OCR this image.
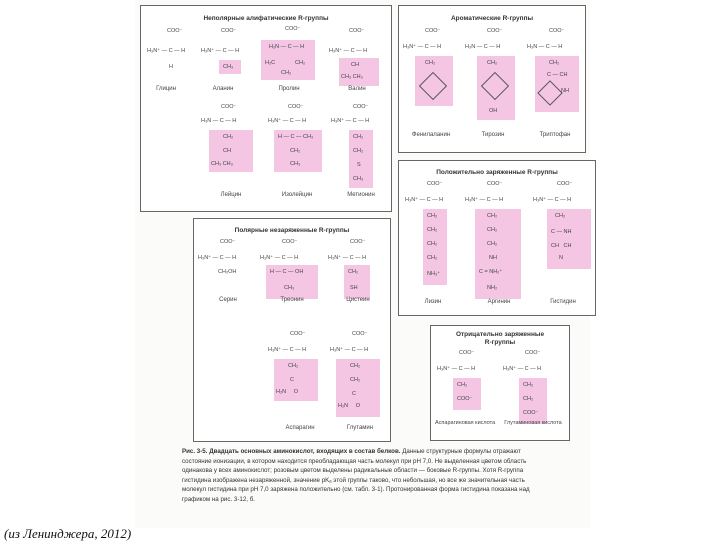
Неполярные алифатические R-группы
COO⁻
H₃N⁺ — C — H
H
COO⁻
H₃N⁺ — C — H
CH₃
COO⁻
H₂N — C — H
H₂C	CH₂
CH₂
COO⁻
H₃N⁺ — C — H
CH
CH₃ CH₃
Глицин	Аланин	Пролин	Валин
COO⁻
H₃N — C — H
CH₂
CH
CH₃ CH₃
COO⁻
H₃N⁺ — C — H
H — C — CH₃
CH₂
CH₃
COO⁻
H₃N⁺ — C — H
CH₂
CH₂
S
CH₃
Лейцин	Изолейцин	Метионин
Ароматические R-группы
COO⁻
H₃N⁺ — C — H
CH₂
COO⁻
H₃N — C — H
CH₂
OH
COO⁻
H₃N — C — H
CH₂
C — CH
NH
Фенилаланин	Тирозин	Триптофан
Положительно заряженные R-группы
COO⁻
H₃N⁺ — C — H
CH₂
CH₂
CH₂
CH₂
NH₃⁺
COO⁻
H₃N⁺ — C — H
CH₂
CH₂
CH₂
NH
C = NH₂⁺
NH₂
COO⁻
H₃N⁺ — C — H
CH₂
C — NH
CH   CH
N
Лизин	Аргинин	Гистидин
Полярные незаряженные R-группы
COO⁻
H₃N⁺ — C — H
CH₂OH
COO⁻
H₃N⁺ — C — H
H — C — OH
CH₃
COO⁻
H₃N⁺ — C — H
CH₂
SH
Серин	Треонин	Цистеин
COO⁻
H₃N⁺ — C — H
CH₂
C
H₂N     O
COO⁻
H₃N⁺ — C — H
CH₂
CH₂
C
H₂N     O
Аспарагин	Глутамин
Отрицательно заряженные
R-группы
COO⁻
H₃N⁺ — C — H
CH₂
COO⁻
COO⁻
H₃N⁺ — C — H
CH₂
CH₂
COO⁻
Аспарагиновая кислота Глутаминовая кислота
Рис. 3-5. Двадцать основных аминокислот, входящих в состав белков. Данные структурные формулы отражают состояние ионизации, в котором находится преобладающая часть молекул при pH 7,0. Не выделенная цветом область одинакова у всех аминокислот; розовым цветом выделены радикальные области — боковые R-группы. Хотя R-группа гистидина изображена незаряженной, значение pKₐ этой группы таково, что небольшая, но все же значительная часть молекул гистидина при pH 7,0 заряжена положительно (см. табл. 3-1). Протонированная форма гистидина показана над графиком на рис. 3-12, б.
(из Ленинджера, 2012)
